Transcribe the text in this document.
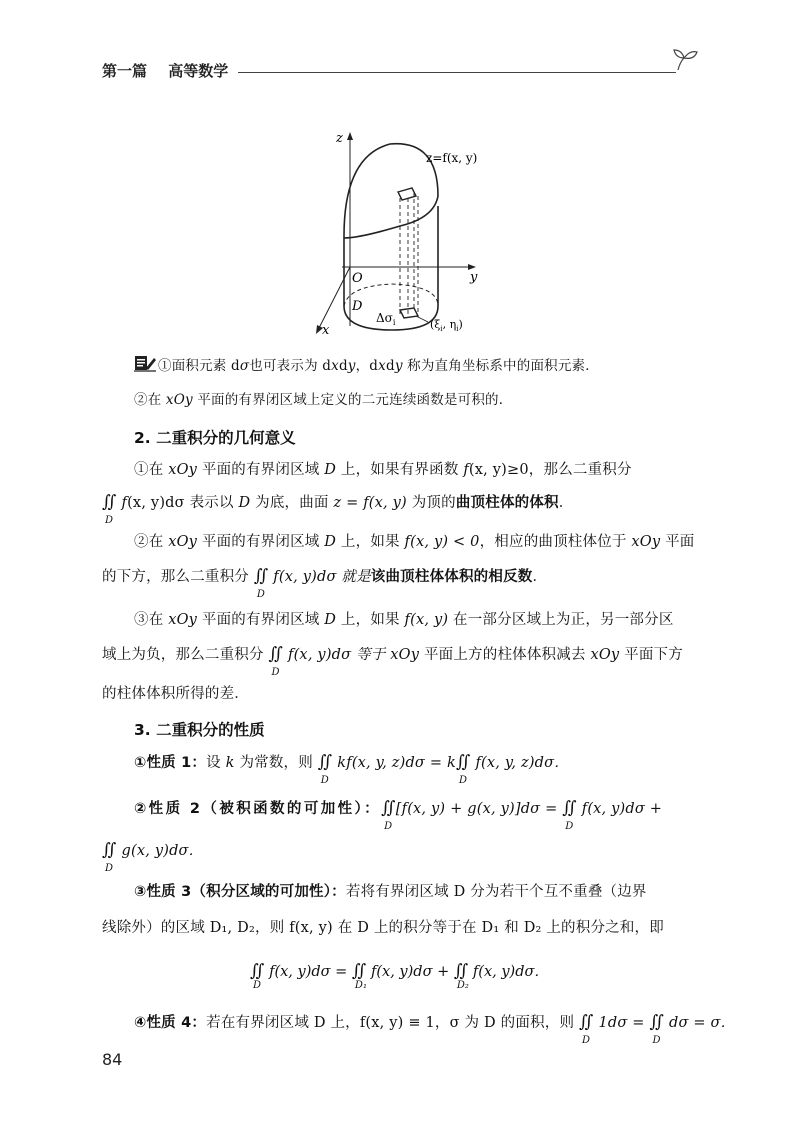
第一篇 高等数学
z
z=f(x, y)
O	y
D
x
$\Delta\sigma_i$	($\xi_i$, $\eta_i$)
①面积元素 dσ也可表示为 dxdy，dxdy 称为直角坐标系中的面积元素．
②在 xOy 平面的有界闭区域上定义的二元连续函数是可积的．
2. 二重积分的几何意义
①在 xOy 平面的有界闭区域 D 上，如果有界函数 f(x, y)≥0，那么二重积分
∬
D
f(x, y)dσ 表示以 D 为底，曲面 z = f(x, y) 为顶的曲顶柱体的体积．
②在 xOy 平面的有界闭区域 D 上，如果 f(x, y) < 0，相应的曲顶柱体位于 xOy 平面
的下方，那么二重积分 ∬
D
f(x, y)dσ 就是该曲顶柱体体积的相反数．
③在 xOy 平面的有界闭区域 D 上，如果 f(x, y) 在一部分区域上为正，另一部分区
域上为负，那么二重积分 ∬
D
f(x, y)dσ 等于 xOy 平面上方的柱体体积减去 xOy 平面下方
的柱体体积所得的差．
3. 二重积分的性质
①性质 1：设 k 为常数，则 ∬
D
kf(x, y, z)dσ = k∬
D
f(x, y, z)dσ．
②性质 2（被积函数的可加性）：∬
D
[f(x, y) + g(x, y)]dσ = ∬
D
f(x, y)dσ +
∬
D
g(x, y)dσ．
③性质 3（积分区域的可加性）：若将有界闭区域 D 分为若干个互不重叠（边界
线除外）的区域 D₁, D₂，则 f(x, y) 在 D 上的积分等于在 D₁ 和 D₂ 上的积分之和，即
∬
D
f(x, y)dσ = ∬
D₁
f(x, y)dσ + ∬
D₂
f(x, y)dσ．
④性质 4：若在有界闭区域 D 上，f(x, y) ≡ 1，σ 为 D 的面积，则 ∬
D
1dσ = ∬
D
dσ = σ．
84
